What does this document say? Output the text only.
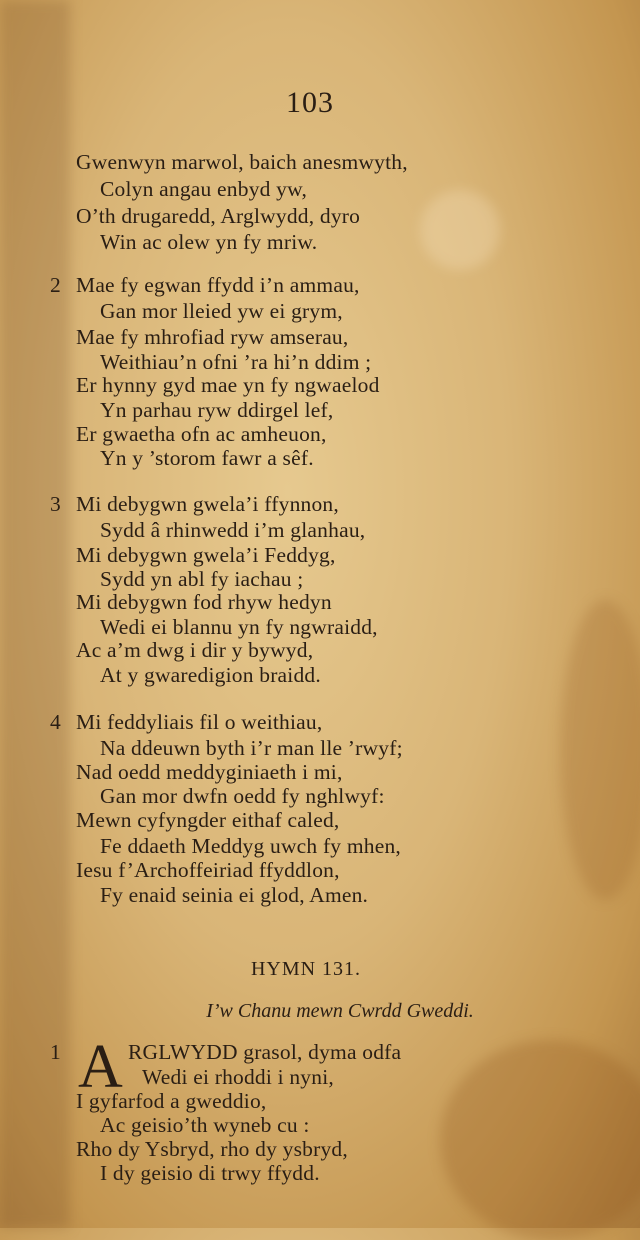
103
Gwenwyn marwol, baich anesmwyth,
Colyn angau enbyd yw,
O’th drugaredd, Arglwydd, dyro
Win ac olew yn fy mriw.
2 Mae fy egwan ffydd i’n ammau,
Gan mor lleied yw ei grym,
Mae fy mhrofiad ryw amserau,
Weithiau’n ofni ’ra hi’n ddim ;
Er hynny gyd mae yn fy ngwaelod
Yn parhau ryw ddirgel lef,
Er gwaetha ofn ac amheuon,
Yn y ’storom fawr a sêf.
3 Mi debygwn gwela’i ffynnon,
Sydd â rhinwedd i’m glanhau,
Mi debygwn gwela’i Feddyg,
Sydd yn abl fy iachau ;
Mi debygwn fod rhyw hedyn
Wedi ei blannu yn fy ngwraidd,
Ac a’m dwg i dir y bywyd,
At y gwaredigion braidd.
4 Mi feddyliais fil o weithiau,
Na ddeuwn byth i’r man lle ’rwyf;
Nad oedd meddyginiaeth i mi,
Gan mor dwfn oedd fy nghlwyf:
Mewn cyfyngder eithaf caled,
Fe ddaeth Meddyg uwch fy mhen,
Iesu f’Archoffeiriad ffyddlon,
Fy enaid seinia ei glod, Amen.
HYMN 131.
I’w Chanu mewn Cwrdd Gweddi.
1 A RGLWYDD grasol, dyma odfa
Wedi ei rhoddi i nyni,
I gyfarfod a gweddio,
Ac geisio’th wyneb cu :
Rho dy Ysbryd, rho dy ysbryd,
I dy geisio di trwy ffydd.
